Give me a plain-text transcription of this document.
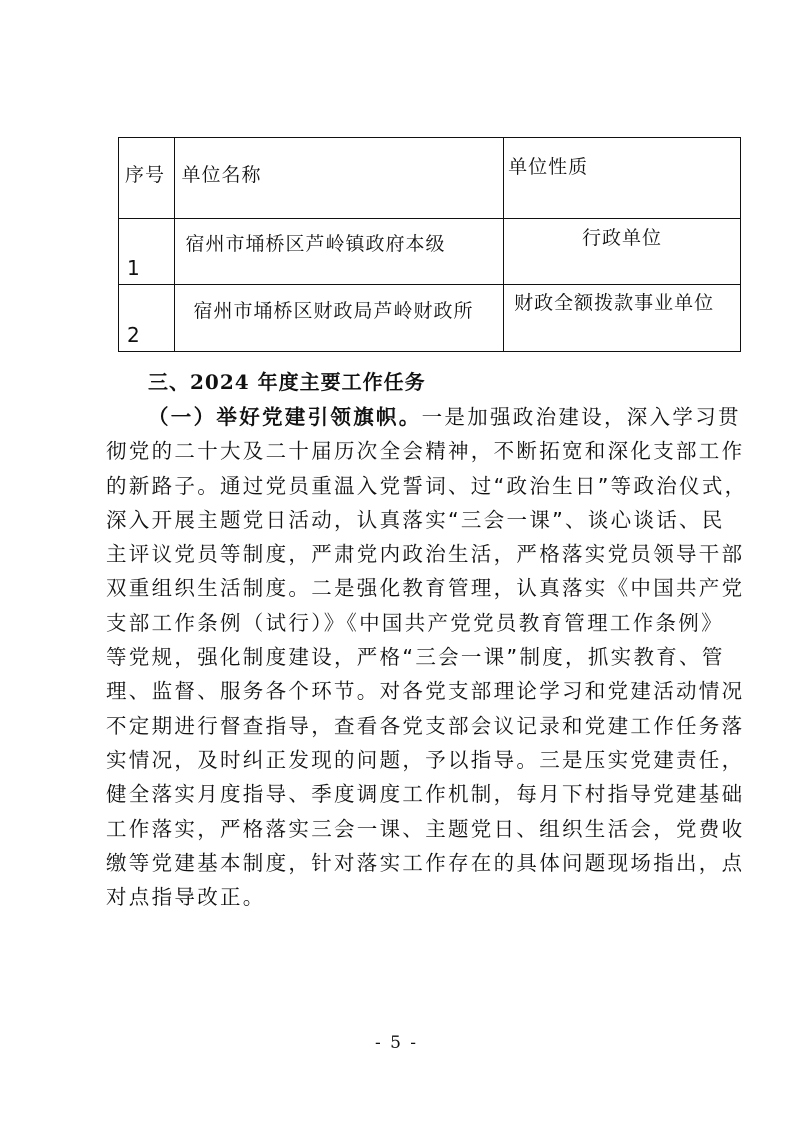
序号	单位名称	单位性质
1	宿州市埇桥区芦岭镇政府本级	行政单位
2	宿州市埇桥区财政局芦岭财政所	财政全额拨款事业单位
三、2024 年度主要工作任务

（一）举好党建引领旗帜。一是加强政治建设，深入学习贯
彻党的二十大及二十届历次全会精神，不断拓宽和深化支部工作
的新路子。通过党员重温入党誓词、过“政治生日”等政治仪式，
深入开展主题党日活动，认真落实“三会一课”、谈心谈话、民
主评议党员等制度，严肃党内政治生活，严格落实党员领导干部
双重组织生活制度。二是强化教育管理，认真落实《中国共产党
支部工作条例（试行）》《中国共产党党员教育管理工作条例》
等党规，强化制度建设，严格“三会一课”制度，抓实教育、管
理、监督、服务各个环节。对各党支部理论学习和党建活动情况
不定期进行督查指导，查看各党支部会议记录和党建工作任务落
实情况，及时纠正发现的问题，予以指导。三是压实党建责任，
健全落实月度指导、季度调度工作机制，每月下村指导党建基础
工作落实，严格落实三会一课、主题党日、组织生活会，党费收
缴等党建基本制度，针对落实工作存在的具体问题现场指出，点
对点指导改正。

- 5 -
